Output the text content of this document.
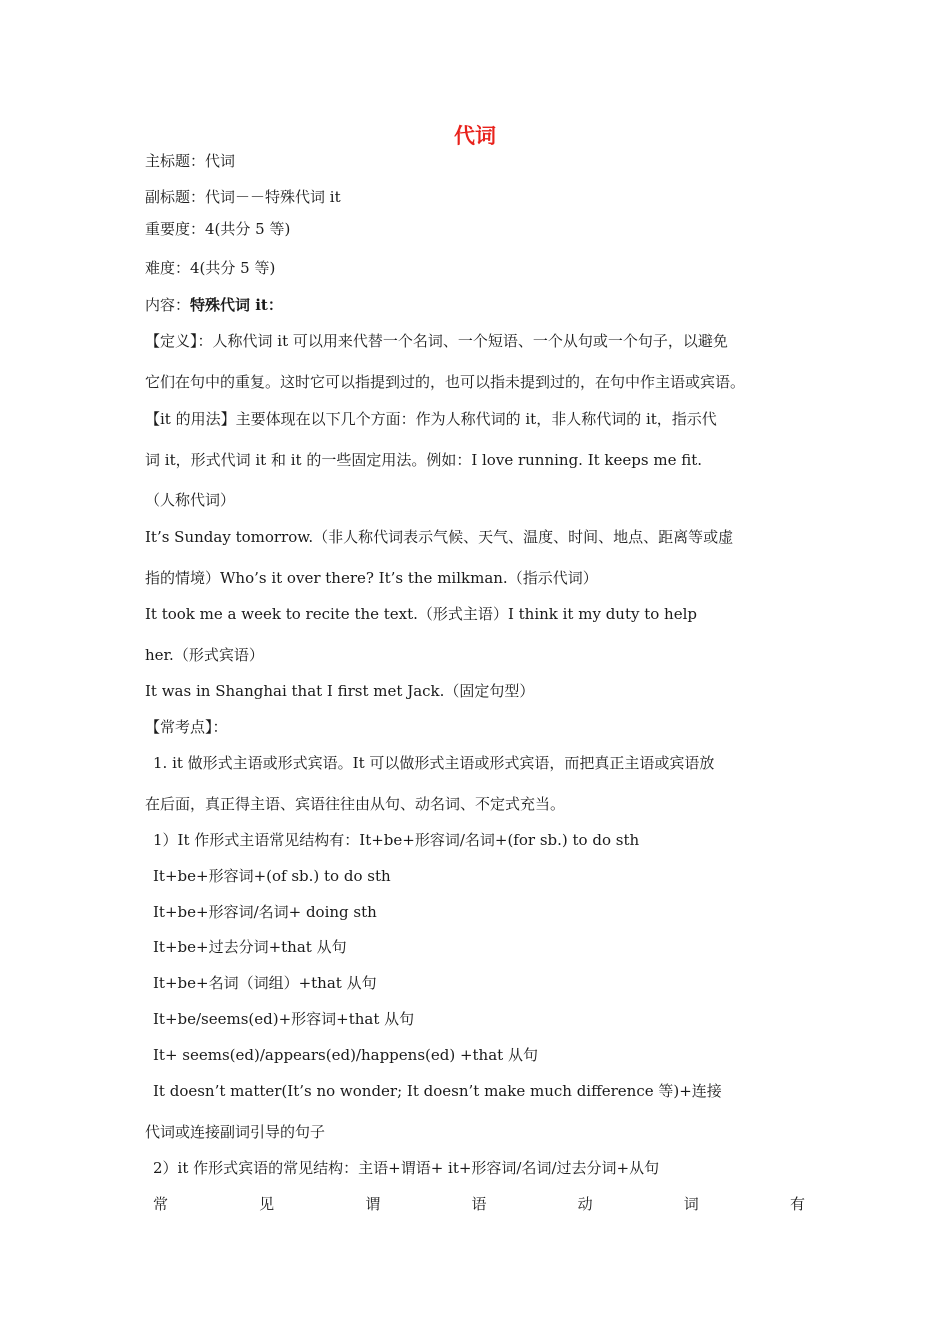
代词
主标题：代词
副标题：代词－－特殊代词 it
重要度：4(共分 5 等)
难度：4(共分 5 等)
内容：特殊代词 it：
【定义】：人称代词 it 可以用来代替一个名词、一个短语、一个从句或一个句子，以避免
它们在句中的重复。这时它可以指提到过的，也可以指未提到过的，在句中作主语或宾语。
【it 的用法】主要体现在以下几个方面：作为人称代词的 it，非人称代词的 it，指示代
词 it，形式代词 it 和 it 的一些固定用法。例如：I love running. It keeps me fit.
（人称代词）
It’s Sunday tomorrow.（非人称代词表示气候、天气、温度、时间、地点、距离等或虚
指的情境）Who’s it over there? It’s the milkman.（指示代词）
It took me a week to recite the text.（形式主语）I think it my duty to help
her.（形式宾语）
It was in Shanghai that I first met Jack.（固定句型）
【常考点】：
1. it 做形式主语或形式宾语。It 可以做形式主语或形式宾语，而把真正主语或宾语放
在后面，真正得主语、宾语往往由从句、动名词、不定式充当。
1）It 作形式主语常见结构有：It+be+形容词/名词+(for sb.) to do sth
It+be+形容词+(of sb.) to do sth
It+be+形容词/名词+ doing sth
It+be+过去分词+that 从句
It+be+名词（词组）+that 从句
It+be/seems(ed)+形容词+that 从句
It+ seems(ed)/appears(ed)/happens(ed) +that 从句
It doesn’t matter(It’s no wonder; It doesn’t make much difference 等)+连接
代词或连接副词引导的句子
2）it 作形式宾语的常见结构：主语+谓语+ it+形容词/名词/过去分词+从句
常	见	谓	语	动	词	有
